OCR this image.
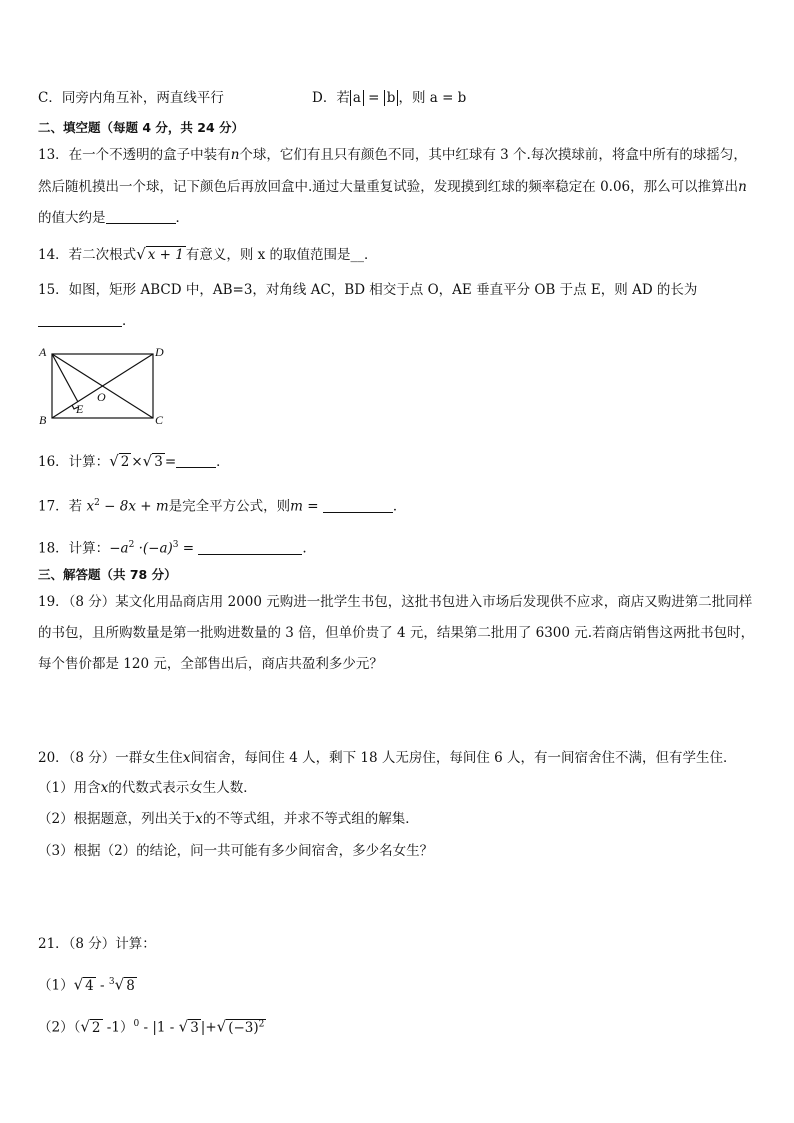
C．同旁内角互补，两直线平行	D．若 a = b ，则 a = b
二、填空题（每题 4 分，共 24 分）
13．在一个不透明的盒子中装有n个球，它们有且只有颜色不同，其中红球有 3 个.每次摸球前，将盒中所有的球摇匀，
然后随机摸出一个球，记下颜色后再放回盒中.通过大量重复试验，发现摸到红球的频率稳定在 0.06，那么可以推算出n
的值大约是	．
14．若二次根式√ x + 1 有意义，则 x 的取值范围是__．
15．如图，矩形 ABCD 中，AB=3，对角线 AC，BD 相交于点 O，AE 垂直平分 OB 于点 E，则 AD 的长为
．
A	D
B	C
E
O
16．计算：√ 2 ×√ 3 =	．
17．若 $x^2 - 8x + m$是完全平方公式，则m =	．
18．计算：$-a^2 \cdot(-a)^3$ =	.
三、解答题（共 78 分）
19．（8 分）某文化用品商店用 2000 元购进一批学生书包，这批书包进入市场后发现供不应求，商店又购进第二批同样
的书包，且所购数量是第一批购进数量的 3 倍，但单价贵了 4 元，结果第二批用了 6300 元.若商店销售这两批书包时，
每个售价都是 120 元，全部售出后，商店共盈利多少元？
20．（8 分）一群女生住x间宿舍，每间住 4 人，剩下 18 人无房住，每间住 6 人，有一间宿舍住不满，但有学生住．
（1）用含x的代数式表示女生人数．
（2）根据题意，列出关于x的不等式组，并求不等式组的解集．
（3）根据（2）的结论，问一共可能有多少间宿舍，多少名女生？
21．（8 分）计算：
（1）√ 4 - $^3$√ 8
（2）（√ 2 -1）$^0$ - |1 - √ 3 |+√ $(-3)^2$
